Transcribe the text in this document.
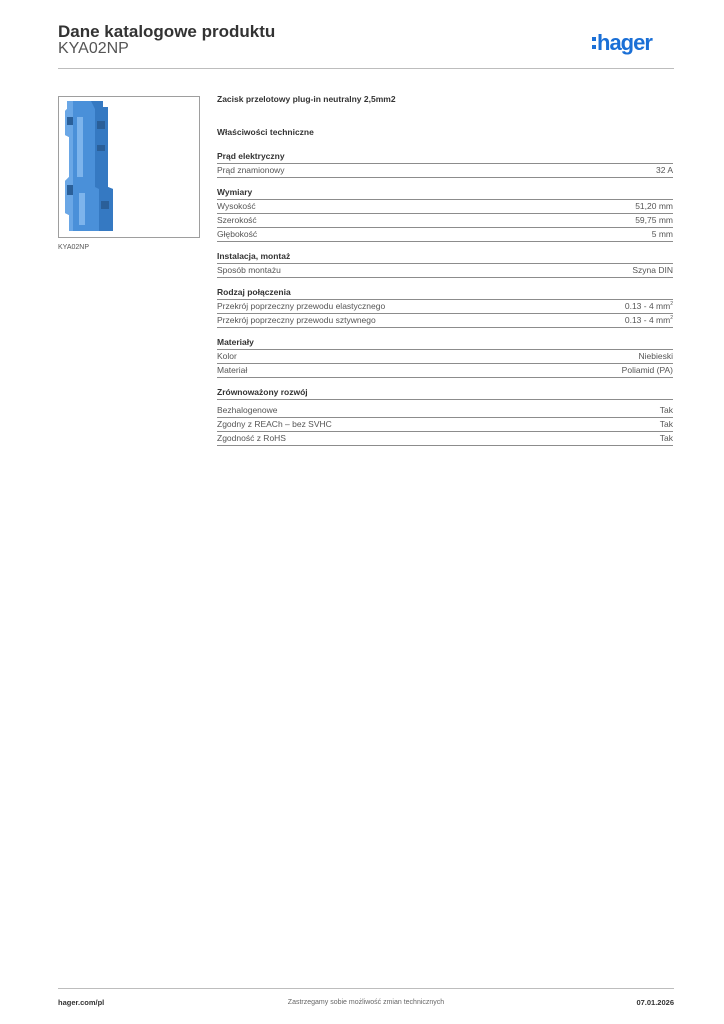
Dane katalogowe produktu
KYA02NP	hager
KYA02NP
Zacisk przelotowy plug-in neutralny 2,5mm2
Właściwości techniczne
Prąd elektryczny
Prąd znamionowy	32 A
Wymiary
Wysokość	51,20 mm
Szerokość	59,75 mm
Głębokość	5 mm
Instalacja, montaż
Sposób montażu	Szyna DIN
Rodzaj połączenia
Przekrój poprzeczny przewodu elastycznego	0.13 - 4 $mm^2$
Przekrój poprzeczny przewodu sztywnego	0.13 - 4 $mm^2$
Materiały
Kolor	Niebieski
Materiał	Poliamid (PA)
Zrównoważony rozwój
Bezhalogenowe	Tak
Zgodny z REACh – bez SVHC	Tak
Zgodność z RoHS	Tak
hager.com/pl	Zastrzegamy sobie możliwość zmian technicznych	07.01.2026
